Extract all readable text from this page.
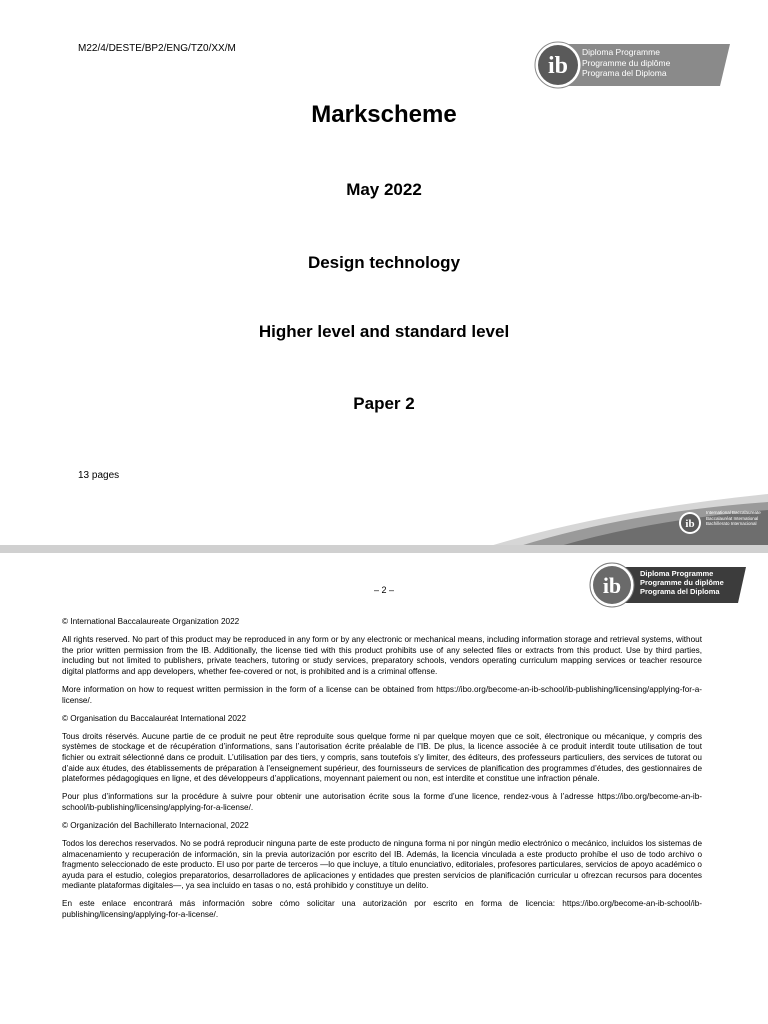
M22/4/DESTE/BP2/ENG/TZ0/XX/M
ib
Diploma Programme
Programme du diplôme
Programa del Diploma
Markscheme
May 2022
Design technology
Higher level and standard level
Paper 2
13 pages
ib
International Baccalaureate
Baccalauréat International
Bachillerato Internacional
– 2 –	ib	Diploma Programme
Programme du diplôme
Programa del Diploma

© International Baccalaureate Organization 2022

All rights reserved. No part of this product may be reproduced in any form or by any electronic or mechanical means, including information storage and retrieval systems, without the prior written permission from the IB. Additionally, the license tied with this product prohibits use of any selected files or extracts from this product. Use by third parties, including but not limited to publishers, private teachers, tutoring or study services, preparatory schools, vendors operating curriculum mapping services or teacher resource digital platforms and app developers, whether fee-covered or not, is prohibited and is a criminal offense.

More information on how to request written permission in the form of a license can be obtained from https://ibo.org/become-an-ib-school/ib-publishing/licensing/applying-for-a-license/.

© Organisation du Baccalauréat International 2022

Tous droits réservés. Aucune partie de ce produit ne peut être reproduite sous quelque forme ni par quelque moyen que ce soit, électronique ou mécanique, y compris des systèmes de stockage et de récupération d’informations, sans l’autorisation écrite préalable de l’IB. De plus, la licence associée à ce produit interdit toute utilisation de tout fichier ou extrait sélectionné dans ce produit. L’utilisation par des tiers, y compris, sans toutefois s’y limiter, des éditeurs, des professeurs particuliers, des services de tutorat ou d’aide aux études, des établissements de préparation à l’enseignement supérieur, des fournisseurs de services de planification des programmes d’études, des gestionnaires de plateformes pédagogiques en ligne, et des développeurs d’applications, moyennant paiement ou non, est interdite et constitue une infraction pénale.

Pour plus d’informations sur la procédure à suivre pour obtenir une autorisation écrite sous la forme d’une licence, rendez-vous à l’adresse https://ibo.org/become-an-ib-school/ib-publishing/licensing/applying-for-a-license/.

© Organización del Bachillerato Internacional, 2022

Todos los derechos reservados. No se podrá reproducir ninguna parte de este producto de ninguna forma ni por ningún medio electrónico o mecánico, incluidos los sistemas de almacenamiento y recuperación de información, sin la previa autorización por escrito del IB. Además, la licencia vinculada a este producto prohíbe el uso de todo archivo o fragmento seleccionado de este producto. El uso por parte de terceros —lo que incluye, a título enunciativo, editoriales, profesores particulares, servicios de apoyo académico o ayuda para el estudio, colegios preparatorios, desarrolladores de aplicaciones y entidades que presten servicios de planificación curricular u ofrezcan recursos para docentes mediante plataformas digitales—, ya sea incluido en tasas o no, está prohibido y constituye un delito.

En este enlace encontrará más información sobre cómo solicitar una autorización por escrito en forma de licencia: https://ibo.org/become-an-ib-school/ib-publishing/licensing/applying-for-a-license/.
